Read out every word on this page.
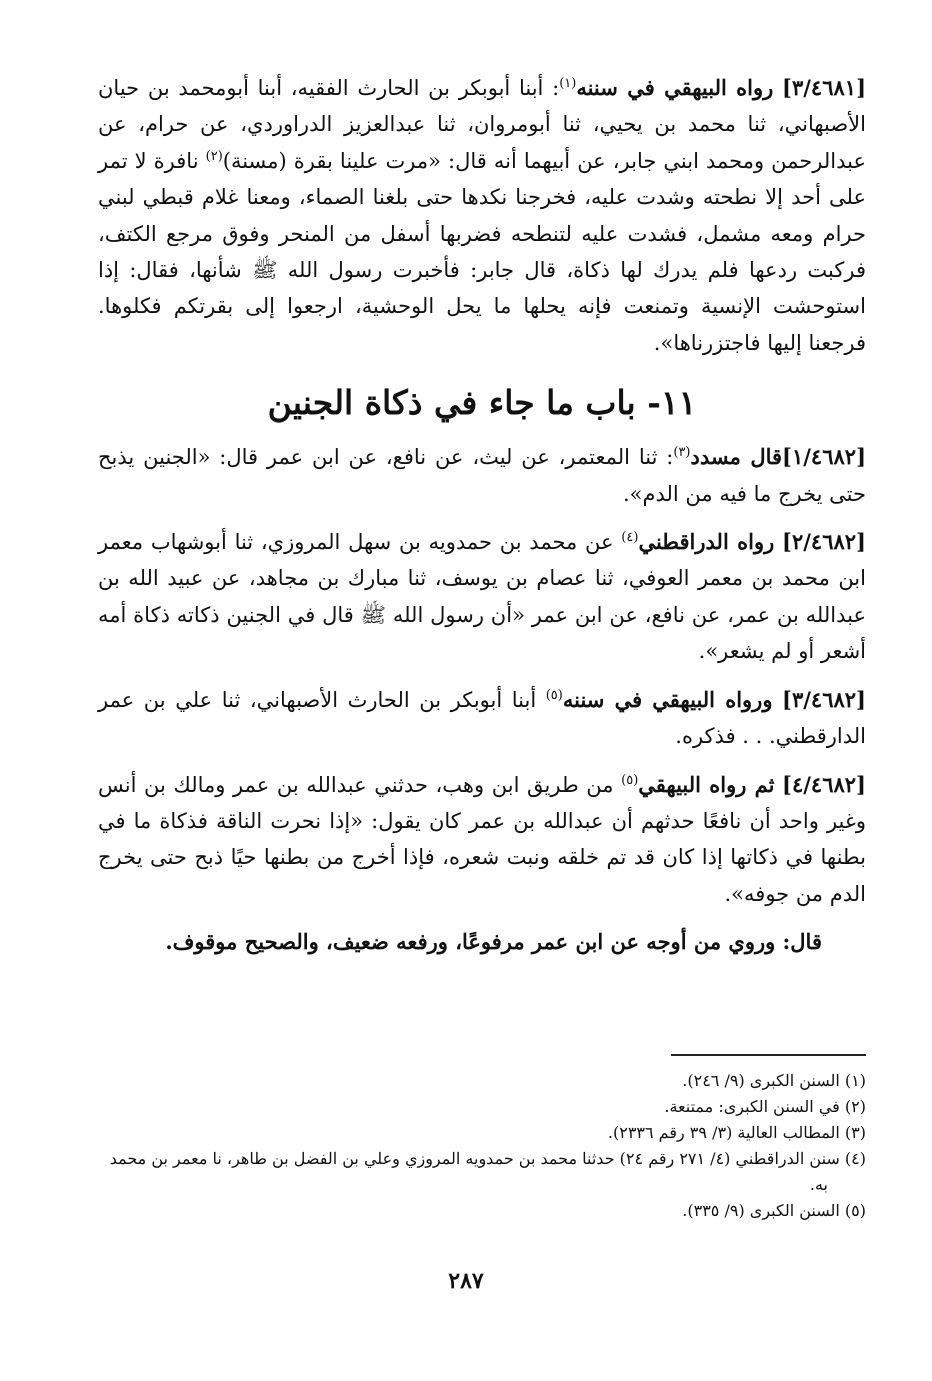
[٣/٤٦٨١] رواه البيهقي في سننه$^{(١)}$: أبنا أبوبكر بن الحارث الفقيه، أبنا أبومحمد بن حيان الأصبهاني، ثنا محمد بن يحيي، ثنا أبومروان، ثنا عبدالعزيز الدراوردي، عن حرام، عن عبدالرحمن ومحمد ابني جابر، عن أبيهما أنه قال: «مرت علينا بقرة (مسنة)$^{(٢)}$ نافرة لا تمر على أحد إلا نطحته وشدت عليه، فخرجنا نكدها حتى بلغنا الصماء، ومعنا غلام قبطي لبني حرام ومعه مشمل، فشدت عليه لتنطحه فضربها أسفل من المنحر وفوق مرجع الكتف، فركبت ردعها فلم يدرك لها ذكاة، قال جابر: فأخبرت رسول الله ﷺ شأنها، فقال: إذا استوحشت الإنسية وتمنعت فإنه يحلها ما يحل الوحشية، ارجعوا إلى بقرتكم فكلوها. فرجعنا إليها فاجتزرناها».

١١- باب ما جاء في ذكاة الجنين

[١/٤٦٨٢]قال مسدد$^{(٣)}$: ثنا المعتمر، عن ليث، عن نافع، عن ابن عمر قال: «الجنين يذبح حتى يخرج ما فيه من الدم».

[٢/٤٦٨٢] رواه الدراقطني$^{(٤)}$ عن محمد بن حمدويه بن سهل المروزي، ثنا أبوشهاب معمر ابن محمد بن معمر العوفي، ثنا عصام بن يوسف، ثنا مبارك بن مجاهد، عن عبيد الله بن عبدالله بن عمر، عن نافع، عن ابن عمر «أن رسول الله ﷺ قال في الجنين ذكاته ذكاة أمه أشعر أو لم يشعر».

[٣/٤٦٨٢] ورواه البيهقي في سننه$^{(٥)}$ أبنا أبوبكر بن الحارث الأصبهاني، ثنا علي بن عمر الدارقطني. . . فذكره.

[٤/٤٦٨٢] ثم رواه البيهقي$^{(٥)}$ من طريق ابن وهب، حدثني عبدالله بن عمر ومالك بن أنس وغير واحد أن نافعًا حدثهم أن عبدالله بن عمر كان يقول: «إذا نحرت الناقة فذكاة ما في بطنها في ذكاتها إذا كان قد تم خلقه ونبت شعره، فإذا أخرج من بطنها حيًا ذبح حتى يخرج الدم من جوفه».

قال: وروي من أوجه عن ابن عمر مرفوعًا، ورفعه ضعيف، والصحيح موقوف.

(١) السنن الكبرى (٩/ ٢٤٦).

(٢) في السنن الكبرى: ممتنعة.

(٣) المطالب العالية (٣/ ٣٩ رقم ٢٣٣٦).

(٤) سنن الدراقطني (٤/ ٢٧١ رقم ٢٤) حدثنا محمد بن حمدويه المروزي وعلي بن الفضل بن طاهر، نا معمر بن محمد به.

(٥) السنن الكبرى (٩/ ٣٣٥).

٢٨٧
